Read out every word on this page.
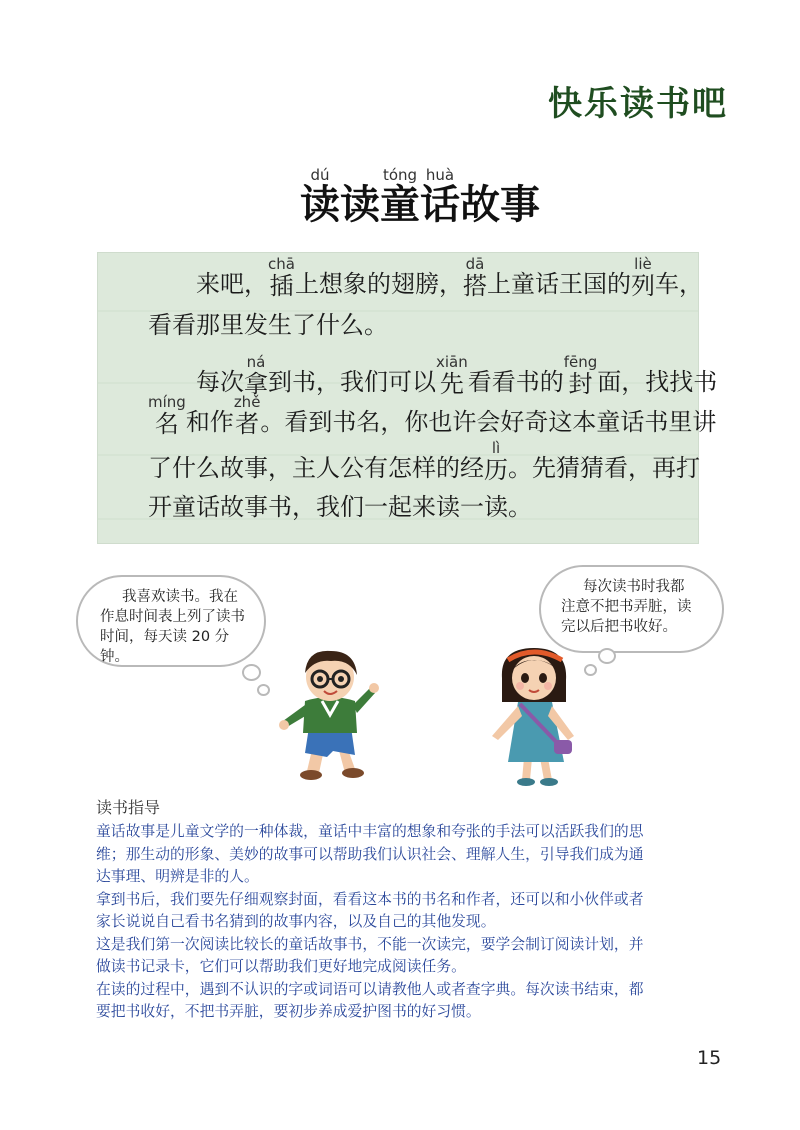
快乐读书吧
dú
读 读
tóng
童
huà
话 故 事
　　来吧，
chā
插 上想象的翅膀，
dā
搭 上童话王国的
liè
列 车，
看看那里发生了什么。
　　每次
ná
拿 到书，我们可以
xiān
先 看看书的
fēng
封 面，找找书
míng
名 和作
zhě
者 。看到书名，你也许会好奇这本童话书里讲
了什么故事，主人公有怎样的经
lì
历 。先猜猜看，再打
开童话故事书，我们一起来读一读。
我喜欢读书。我在
作息时间表上列了读书
时间，每天读 20 分钟。
每次读书时我都
注意不把书弄脏，读
完以后把书收好。
读书指导
童话故事是儿童文学的一种体裁，童话中丰富的想象和夸张的手法可以活跃我们的思
维；那生动的形象、美妙的故事可以帮助我们认识社会、理解人生，引导我们成为通
达事理、明辨是非的人。
拿到书后，我们要先仔细观察封面，看看这本书的书名和作者，还可以和小伙伴或者
家长说说自己看书名猜到的故事内容，以及自己的其他发现。
这是我们第一次阅读比较长的童话故事书，不能一次读完，要学会制订阅读计划，并
做读书记录卡，它们可以帮助我们更好地完成阅读任务。
在读的过程中，遇到不认识的字或词语可以请教他人或者查字典。每次读书结束，都
要把书收好，不把书弄脏，要初步养成爱护图书的好习惯。
15
